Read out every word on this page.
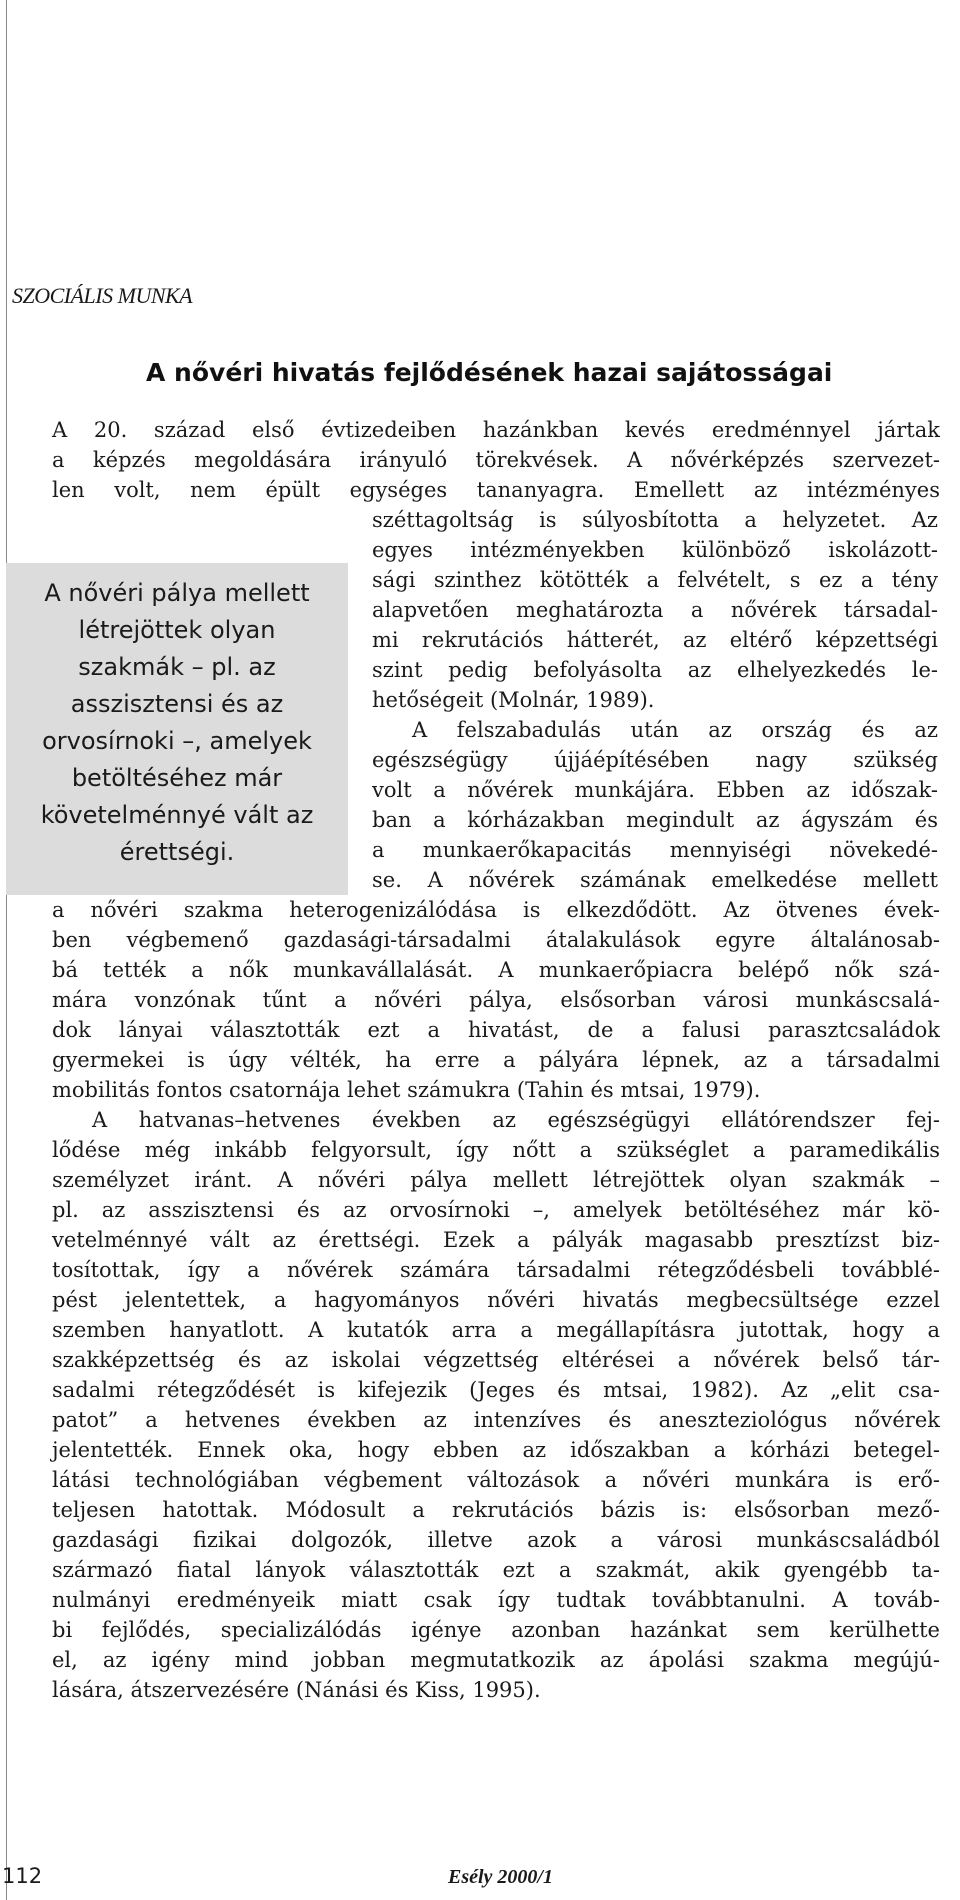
SZOCIÁLIS MUNKA
A nővéri hivatás fejlődésének hazai sajátosságai
A nővéri pálya mellett
létrejöttek olyan
szakmák – pl. az
asszisztensi és az
orvosírnoki –, amelyek
betöltéséhez már
követelménnyé vált az
érettségi.
A 20. század első évtizedeiben hazánkban kevés eredménnyel jártak
a képzés megoldására irányuló törekvések. A nővérképzés szervezet-
len volt, nem épült egységes tananyagra. Emellett az intézményes
széttagoltság is súlyosbította a helyzetet. Az
egyes intézményekben különböző iskolázott-
sági szinthez kötötték a felvételt, s ez a tény
alapvetően meghatározta a nővérek társadal-
mi rekrutációs hátterét, az eltérő képzettségi
szint pedig befolyásolta az elhelyezkedés le-
hetőségeit (Molnár, 1989).
A felszabadulás után az ország és az
egészségügy újjáépítésében nagy szükség
volt a nővérek munkájára. Ebben az időszak-
ban a kórházakban megindult az ágyszám és
a munkaerőkapacitás mennyiségi növekedé-
se. A nővérek számának emelkedése mellett
a nővéri szakma heterogenizálódása is elkezdődött. Az ötvenes évek-
ben végbemenő gazdasági-társadalmi átalakulások egyre általánosab-
bá tették a nők munkavállalását. A munkaerőpiacra belépő nők szá-
mára vonzónak tűnt a nővéri pálya, elsősorban városi munkáscsalá-
dok lányai választották ezt a hivatást, de a falusi parasztcsaládok
gyermekei is úgy vélték, ha erre a pályára lépnek, az a társadalmi
mobilitás fontos csatornája lehet számukra (Tahin és mtsai, 1979).
A hatvanas–hetvenes években az egészségügyi ellátórendszer fej-
lődése még inkább felgyorsult, így nőtt a szükséglet a paramedikális
személyzet iránt. A nővéri pálya mellett létrejöttek olyan szakmák –
pl. az asszisztensi és az orvosírnoki –, amelyek betöltéséhez már kö-
vetelménnyé vált az érettségi. Ezek a pályák magasabb presztízst biz-
tosítottak, így a nővérek számára társadalmi rétegződésbeli továbblé-
pést jelentettek, a hagyományos nővéri hivatás megbecsültsége ezzel
szemben hanyatlott. A kutatók arra a megállapításra jutottak, hogy a
szakképzettség és az iskolai végzettség eltérései a nővérek belső tár-
sadalmi rétegződését is kifejezik (Jeges és mtsai, 1982). Az „elit csa-
patot” a hetvenes években az intenzíves és aneszteziológus nővérek
jelentették. Ennek oka, hogy ebben az időszakban a kórházi betegel-
látási technológiában végbement változások a nővéri munkára is erő-
teljesen hatottak. Módosult a rekrutációs bázis is: elsősorban mező-
gazdasági fizikai dolgozók, illetve azok a városi munkáscsaládból
származó fiatal lányok választották ezt a szakmát, akik gyengébb ta-
nulmányi eredményeik miatt csak így tudtak továbbtanulni. A továb-
bi fejlődés, specializálódás igénye azonban hazánkat sem kerülhette
el, az igény mind jobban megmutatkozik az ápolási szakma megújú-
lására, átszervezésére (Nánási és Kiss, 1995).
112	Esély 2000/1
